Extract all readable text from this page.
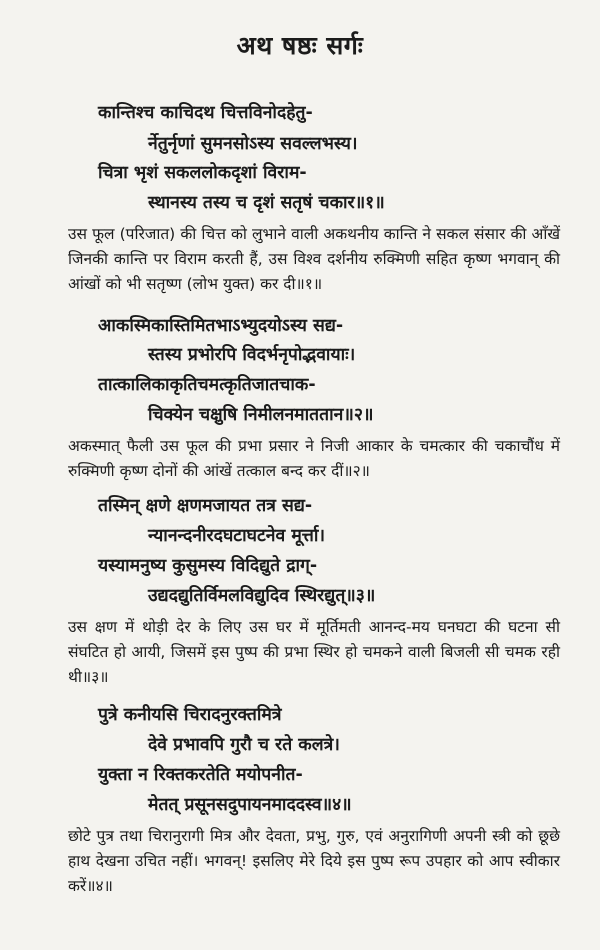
अथ षष्ठः सर्गः
कान्तिश्च काचिदथ चित्तविनोदहेतु-
र्नेतुर्नृणां सुमनसोऽस्य सवल्लभस्य।
चित्रा भृशं सकललोकदृशां विराम-
स्थानस्य तस्य च दृशं सतृषं चकार॥१॥
उस फूल (परिजात) की चित्त को लुभाने वाली अकथनीय कान्ति ने सकल संसार की आँखें जिनकी कान्ति पर विराम करती हैं, उस विश्व दर्शनीय रुक्मिणी सहित कृष्ण भगवान् की आंखों को भी सतृष्ण (लोभ युक्त) कर दी॥१॥
आकस्मिकास्तिमितभाऽभ्युदयोऽस्य सद्य-
स्तस्य प्रभोरपि विदर्भनृपोद्भवायाः।
तात्कालिकाकृतिचमत्कृतिजातचाक-
चिक्येन चक्षुषि निमीलनमाततान॥२॥
अकस्मात् फैली उस फूल की प्रभा प्रसार ने निजी आकार के चमत्कार की चकाचौंध में रुक्मिणी कृष्ण दोनों की आंखें तत्काल बन्द कर दीं॥२॥
तस्मिन् क्षणे क्षणमजायत तत्र सद्य-
न्यानन्दनीरदघटाघटनेव मूर्त्ता।
यस्यामनुष्य कुसुमस्य विदिद्युते द्राग्-
उद्यदद्युतिर्विमलविद्युदिव स्थिरद्युत्॥३॥
उस क्षण में थोड़ी देर के लिए उस घर में मूर्तिमती आनन्द-मय घनघटा की घटना सी संघटित हो आयी, जिसमें इस पुष्प की प्रभा स्थिर हो चमकने वाली बिजली सी चमक रही थी॥३॥
पुत्रे कनीयसि चिरादनुरक्तमित्रे
देवे प्रभावपि गुरौ च रते कलत्रे।
युक्ता न रिक्तकरतेति मयोपनीत-
मेतत् प्रसूनसदुपायनमाददस्व॥४॥
छोटे पुत्र तथा चिरानुरागी मित्र और देवता, प्रभु, गुरु, एवं अनुरागिणी अपनी स्त्री को छूछे हाथ देखना उचित नहीं। भगवन्! इसलिए मेरे दिये इस पुष्प रूप उपहार को आप स्वीकार करें॥४॥
